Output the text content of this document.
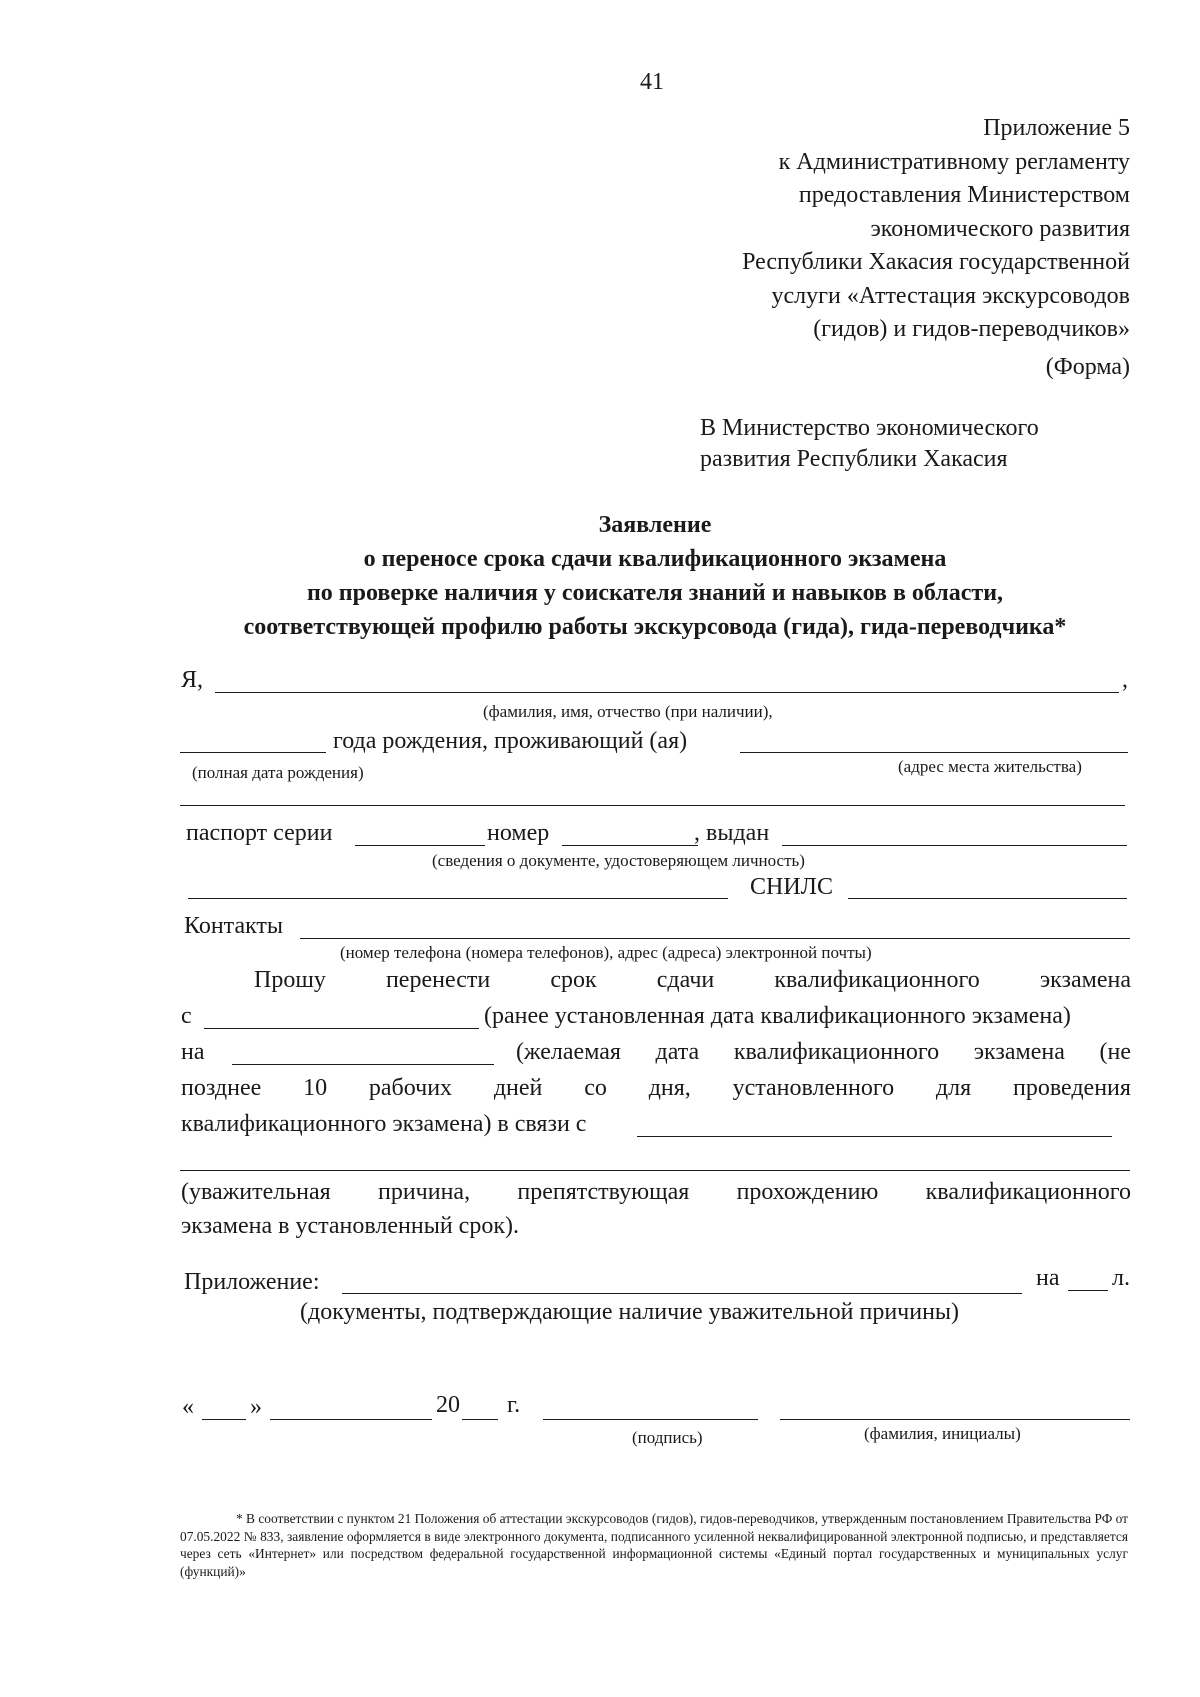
41
Приложение 5
к Административному регламенту
предоставления Министерством
экономического развития
Республики Хакасия государственной
услуги «Аттестация экскурсоводов
(гидов) и гидов-переводчиков»
(Форма)
В Министерство экономического
развития Республики Хакасия
Заявление
о переносе срока сдачи квалификационного экзамена
по проверке наличия у соискателя знаний и навыков в области,
соответствующей профилю работы экскурсовода (гида), гида-переводчика*
Я,	,
(фамилия, имя, отчество (при наличии),
года рождения, проживающий (ая)
(полная дата рождения)	(адрес места жительства)
паспорт серии	номер	, выдан
(сведения о документе, удостоверяющем личность)
СНИЛС
Контакты
(номер телефона (номера телефонов), адрес (адреса) электронной почты)
Прошу	перенести	срок	сдачи	квалификационного	экзамена
с	(ранее установленная дата квалификационного экзамена)
на	(желаемая дата квалификационного экзамена (не
позднее 10 рабочих дней со дня, установленного для проведения
квалификационного экзамена) в связи с
(уважительная причина, препятствующая прохождению квалификационного
экзамена в установленный срок).
Приложение:	на л.
(документы, подтверждающие наличие уважительной причины)
« »	20 г.
(подпись)	(фамилия, инициалы)
* В соответствии с пунктом 21 Положения об аттестации экскурсоводов (гидов), гидов-переводчиков, утвержденным постановлением Правительства РФ от 07.05.2022 № 833, заявление оформляется в виде электронного документа, подписанного усиленной неквалифицированной электронной подписью, и представляется через сеть «Интернет» или посредством федеральной государственной информационной системы «Единый портал государственных и муниципальных услуг (функций)»
